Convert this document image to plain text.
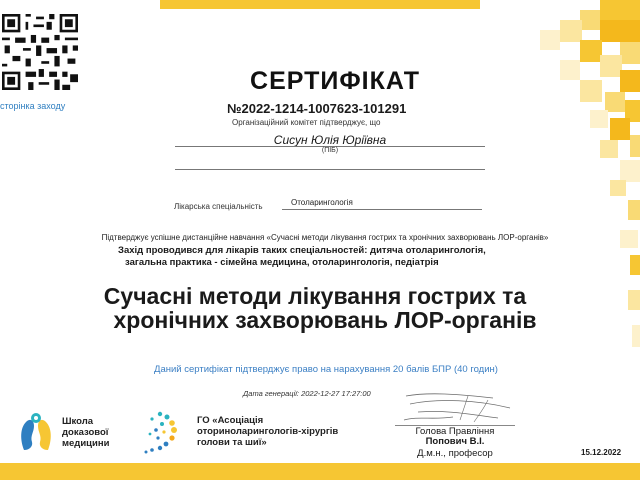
сторінка заходу
СЕРТИФІКАТ
№2022-1214-1007623-101291
Організаційний комітет підтверджує, що
Сисун Юлія Юріївна
(ПІБ)
Лікарська спеціальність	Отоларингологія
Підтверджує успішне дистанційне навчання «Сучасні методи лікування гострих та хронічних захворювань ЛОР-органів»
Захід проводився для лікарів таких спеціальностей: дитяча отоларингологія,
загальна практика - сімейна медицина, отоларингологія, педіатрія
Сучасні методи лікування гострих та
хронічних захворювань ЛОР-органів
Даний сертифікат підтверджує право на нарахування 20 балів БПР (40 годин)
Дата генерації: 2022-12-27 17:27:00
Голова Правління
Попович В.І.
Д.м.н., професор	15.12.2022
Школа
доказової
медицини
ГО «Асоціація
оториноларингологів-хірургів
голови та шиї»
